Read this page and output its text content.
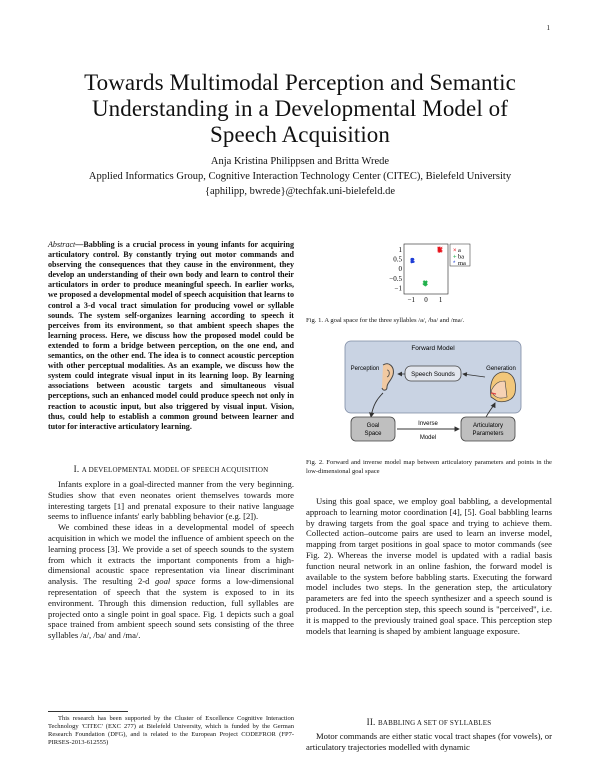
1
Towards Multimodal Perception and Semantic Understanding in a Developmental Model of Speech Acquisition
Anja Kristina Philippsen and Britta Wrede
Applied Informatics Group, Cognitive Interaction Technology Center (CITEC), Bielefeld University
{aphilipp, bwrede}@techfak.uni-bielefeld.de
Abstract—Babbling is a crucial process in young infants for acquiring articulatory control. By constantly trying out motor commands and observing the consequences that they cause in the environment, they develop an understanding of their own body and learn to control their articulators in order to produce meaningful speech. In earlier works, we proposed a developmental model of speech acquisition that learns to control a 3-d vocal tract simulation for producing vowel or syllable sounds. The system self-organizes learning according to speech it perceives from its environment, so that ambient speech shapes the learning process. Here, we discuss how the proposed model could be extended to form a bridge between perception, on the one end, and semantics, on the other end. The idea is to connect acoustic perception with other perceptual modalities. As an example, we discuss how the system could integrate visual input in its learning loop. By learning associations between acoustic targets and simultaneous visual perceptions, such an enhanced model could produce speech not only in reaction to acoustic input, but also triggered by visual input. Vision, thus, could help to establish a common ground between learner and tutor for interactive articulatory learning.
I. A DEVELOPMENTAL MODEL OF SPEECH ACQUISITION

Infants explore in a goal-directed manner from the very beginning. Studies show that even neonates orient themselves towards more interesting targets [1] and prenatal exposure to their native language seems to influence infants' early babbling behavior (e.g. [2]).

We combined these ideas in a developmental model of speech acquisition in which we model the influence of ambient speech on the learning process [3]. We provide a set of speech sounds to the system from which it extracts the important components from a high-dimensional acoustic space representation via linear discriminant analysis. The resulting 2-d goal space forms a low-dimensional representation of speech that the system is exposed to in its environment. Through this dimension reduction, full syllables are projected onto a single point in goal space. Fig. 1 depicts such a goal space trained from ambient speech sound sets consisting of the three syllables /a/, /ba/ and /ma/.

This research has been supported by the Cluster of Excellence Cognitive Interaction Technology 'CITEC' (EXC 277) at Bielefeld University, which is funded by the German Research Foundation (DFG), and is related to the European Project CODEFROR (FP7-PIRSES-2013-612555)
1
0.5
0
−0.5
−1
−1 0 1
× a
+ ba
* ma
Fig. 1. A goal space for the three syllables /a/, /ba/ and /ma/.
Forward Model
Perception	Generation
Speech Sounds
Goal
Space
Articulatory
Parameters
Inverse
Model
Fig. 2. Forward and inverse model map between articulatory parameters and points in the low-dimensional goal space

Using this goal space, we employ goal babbling, a developmental approach to learning motor coordination [4], [5]. Goal babbling learns by drawing targets from the goal space and trying to achieve them. Collected action–outcome pairs are used to learn an inverse model, mapping from target positions in goal space to motor commands (see Fig. 2). Whereas the inverse model is updated with a radial basis function neural network in an online fashion, the forward model is available to the system before babbling starts. Executing the forward model includes two steps. In the generation step, the articulatory parameters are fed into the speech synthesizer and a speech sound is produced. In the perception step, this speech sound is "perceived", i.e. it is mapped to the previously trained goal space. This perception step models that learning is shaped by ambient language exposure.

II. BABBLING A SET OF SYLLABLES

Motor commands are either static vocal tract shapes (for vowels), or articulatory trajectories modelled with dynamic
